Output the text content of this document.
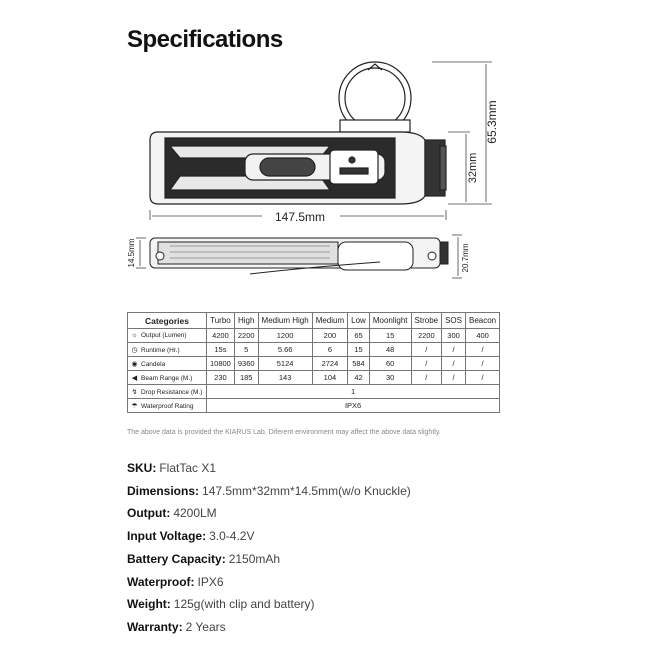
Specifications
147.5mm
65.3mm
32mm
14.5mm	20.7mm
Categories	Turbo	High	Medium High	Medium	Low	Moonlight	Strobe	SOS	Beacon
☼ Output (Lumen)	4200	2200	1200	200	65	15	2200	300	400
◷ Runtime (Hr.)	15s	5	5.66	6	15	48	/	/	/
◉ Candela	10800	9360	5124	2724	584	60	/	/	/
◀ Beam Range (M.)	230	185	143	104	42	30	/	/	/
↯ Drop Resistance (M.)	1								
☂ Waterproof Rating	IPX6								
The above data is provided the KIARUS Lab. Diferent environment may affect the above data slightly.
SKU: FlatTac X1
Dimensions: 147.5mm*32mm*14.5mm(w/o Knuckle)
Output: 4200LM
Input Voltage: 3.0-4.2V
Battery Capacity: 2150mAh
Waterproof: IPX6
Weight: 125g(with clip and battery)
Warranty: 2 Years
